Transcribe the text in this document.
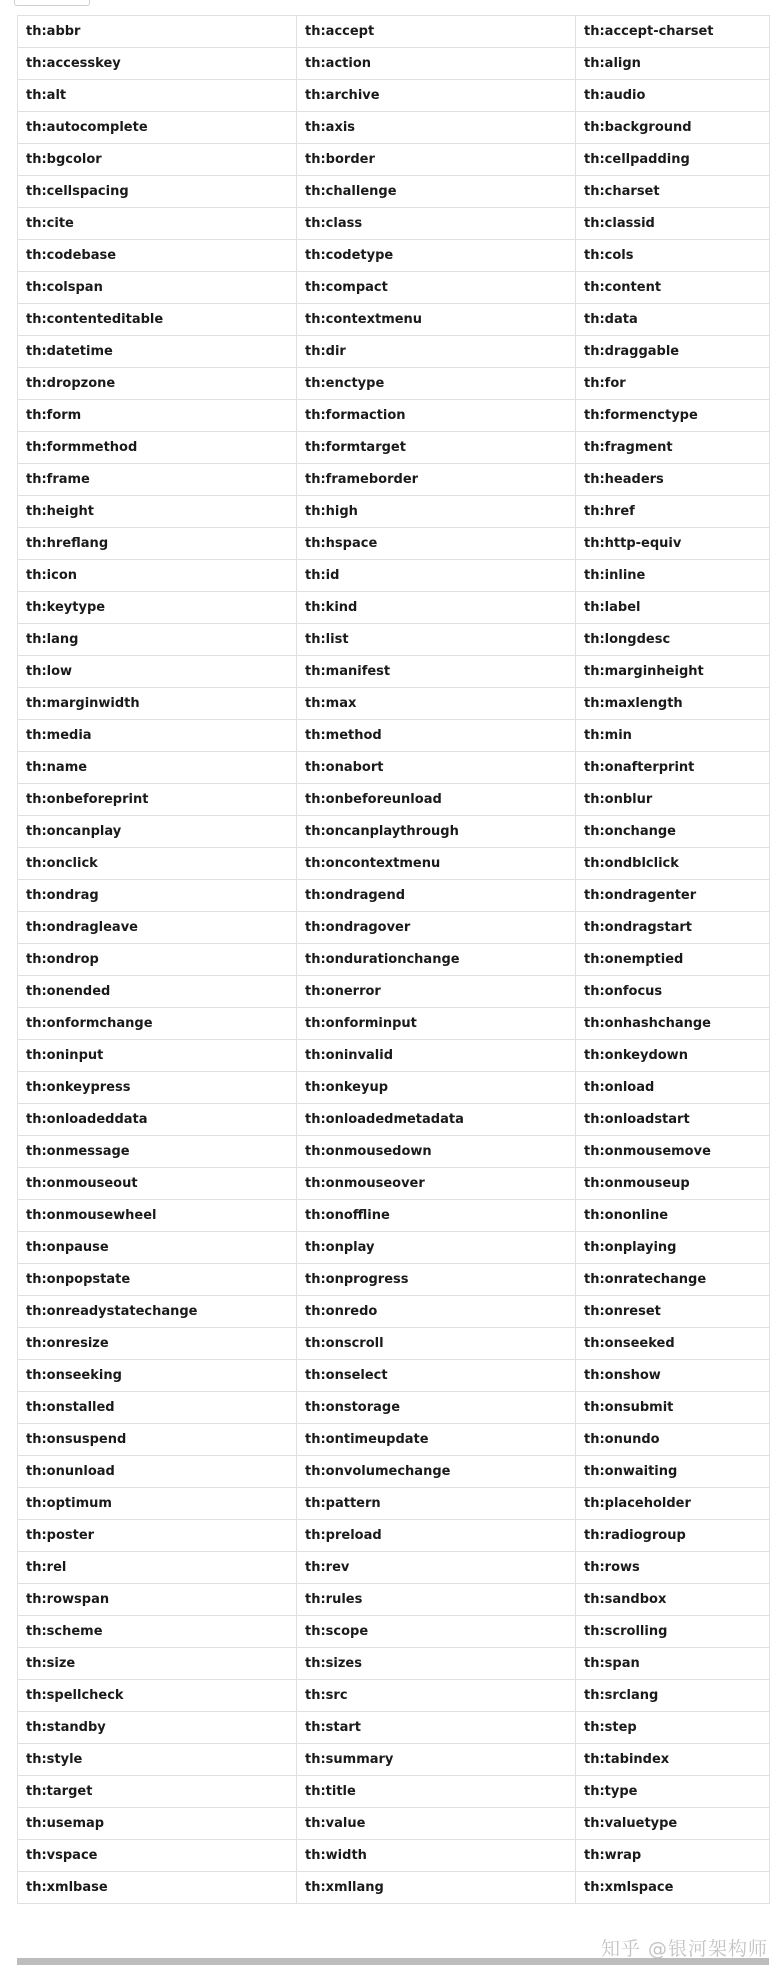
th:abbr	th:accept	th:accept-charset
th:accesskey	th:action	th:align
th:alt	th:archive	th:audio
th:autocomplete	th:axis	th:background
th:bgcolor	th:border	th:cellpadding
th:cellspacing	th:challenge	th:charset
th:cite	th:class	th:classid
th:codebase	th:codetype	th:cols
th:colspan	th:compact	th:content
th:contenteditable	th:contextmenu	th:data
th:datetime	th:dir	th:draggable
th:dropzone	th:enctype	th:for
th:form	th:formaction	th:formenctype
th:formmethod	th:formtarget	th:fragment
th:frame	th:frameborder	th:headers
th:height	th:high	th:href
th:hreflang	th:hspace	th:http-equiv
th:icon	th:id	th:inline
th:keytype	th:kind	th:label
th:lang	th:list	th:longdesc
th:low	th:manifest	th:marginheight
th:marginwidth	th:max	th:maxlength
th:media	th:method	th:min
th:name	th:onabort	th:onafterprint
th:onbeforeprint	th:onbeforeunload	th:onblur
th:oncanplay	th:oncanplaythrough	th:onchange
th:onclick	th:oncontextmenu	th:ondblclick
th:ondrag	th:ondragend	th:ondragenter
th:ondragleave	th:ondragover	th:ondragstart
th:ondrop	th:ondurationchange	th:onemptied
th:onended	th:onerror	th:onfocus
th:onformchange	th:onforminput	th:onhashchange
th:oninput	th:oninvalid	th:onkeydown
th:onkeypress	th:onkeyup	th:onload
th:onloadeddata	th:onloadedmetadata	th:onloadstart
th:onmessage	th:onmousedown	th:onmousemove
th:onmouseout	th:onmouseover	th:onmouseup
th:onmousewheel	th:onoffline	th:ononline
th:onpause	th:onplay	th:onplaying
th:onpopstate	th:onprogress	th:onratechange
th:onreadystatechange	th:onredo	th:onreset
th:onresize	th:onscroll	th:onseeked
th:onseeking	th:onselect	th:onshow
th:onstalled	th:onstorage	th:onsubmit
th:onsuspend	th:ontimeupdate	th:onundo
th:onunload	th:onvolumechange	th:onwaiting
th:optimum	th:pattern	th:placeholder
th:poster	th:preload	th:radiogroup
th:rel	th:rev	th:rows
th:rowspan	th:rules	th:sandbox
th:scheme	th:scope	th:scrolling
th:size	th:sizes	th:span
th:spellcheck	th:src	th:srclang
th:standby	th:start	th:step
th:style	th:summary	th:tabindex
th:target	th:title	th:type
th:usemap	th:value	th:valuetype
th:vspace	th:width	th:wrap
th:xmlbase	th:xmllang	th:xmlspace
知乎 @银河架构师
